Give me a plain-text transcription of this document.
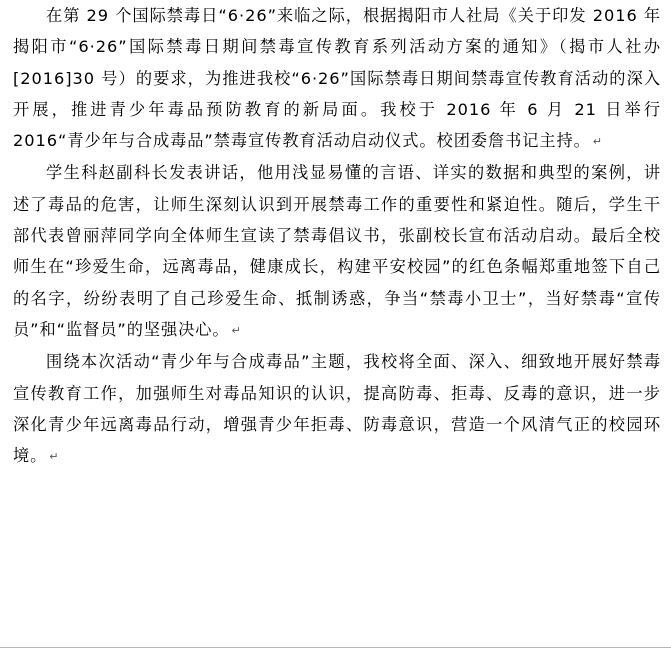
在第 29 个国际禁毒日“6·26”来临之际，根据揭阳市人社局《关于印发 2016 年揭阳市“6·26”国际禁毒日期间禁毒宣传教育系列活动方案的通知》（揭市人社办[2016]30 号）的要求，为推进我校“6·26”国际禁毒日期间禁毒宣传教育活动的深入开展，推进青少年毒品预防教育的新局面。我校于 2016 年 6 月 21 日举行 2016“青少年与合成毒品”禁毒宣传教育活动启动仪式。校团委詹书记主持。 ↵

学生科赵副科长发表讲话，他用浅显易懂的言语、详实的数据和典型的案例，讲述了毒品的危害，让师生深刻认识到开展禁毒工作的重要性和紧迫性。随后，学生干部代表曾丽萍同学向全体师生宣读了禁毒倡议书，张副校长宣布活动启动。最后全校师生在“珍爱生命，远离毒品，健康成长，构建平安校园”的红色条幅郑重地签下自己的名字，纷纷表明了自己珍爱生命、抵制诱惑，争当“禁毒小卫士”，当好禁毒“宣传员”和“监督员”的坚强决心。 ↵

围绕本次活动“青少年与合成毒品”主题，我校将全面、深入、细致地开展好禁毒宣传教育工作，加强师生对毒品知识的认识，提高防毒、拒毒、反毒的意识，进一步深化青少年远离毒品行动，增强青少年拒毒、防毒意识，营造一个风清气正的校园环境。 ↵
